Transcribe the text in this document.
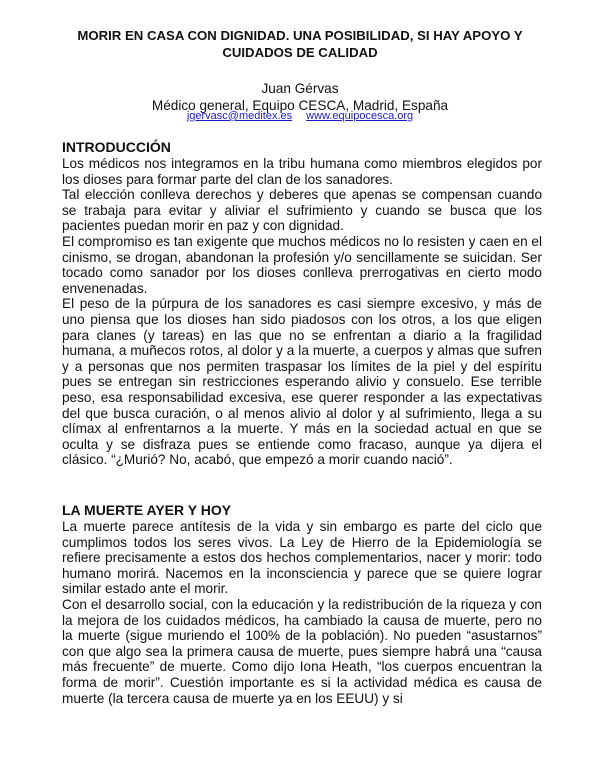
MORIR EN CASA CON DIGNIDAD. UNA POSIBILIDAD, SI HAY APOYO Y
CUIDADOS DE CALIDAD
Juan Gérvas
Médico general, Equipo CESCA, Madrid, España
jgervasc@meditex.es www.equipocesca.org
INTRODUCCIÓN

Los médicos nos integramos en la tribu humana como miembros elegidos por los dioses para formar parte del clan de los sanadores.

Tal elección conlleva derechos y deberes que apenas se compensan cuando se trabaja para evitar y aliviar el sufrimiento y cuando se busca que los pacientes puedan morir en paz y con dignidad.

El compromiso es tan exigente que muchos médicos no lo resisten y caen en el cinismo, se drogan, abandonan la profesión y/o sencillamente se suicidan. Ser tocado como sanador por los dioses conlleva prerrogativas en cierto modo envenenadas.

El peso de la púrpura de los sanadores es casi siempre excesivo, y más de uno piensa que los dioses han sido piadosos con los otros, a los que eligen para clanes (y tareas) en las que no se enfrentan a diario a la fragilidad humana, a muñecos rotos, al dolor y a la muerte, a cuerpos y almas que sufren y a personas que nos permiten traspasar los límites de la piel y del espíritu pues se entregan sin restricciones esperando alivio y consuelo. Ese terrible peso, esa responsabilidad excesiva, ese querer responder a las expectativas del que busca curación, o al menos alivio al dolor y al sufrimiento, llega a su clímax al enfrentarnos a la muerte. Y más en la sociedad actual en que se oculta y se disfraza pues se entiende como fracaso, aunque ya dijera el clásico. “¿Murió? No, acabó, que empezó a morir cuando nació”.

LA MUERTE AYER Y HOY

La muerte parece antítesis de la vida y sin embargo es parte del ciclo que cumplimos todos los seres vivos. La Ley de Hierro de la Epidemiología se refiere precisamente a estos dos hechos complementarios, nacer y morir: todo humano morirá. Nacemos en la inconsciencia y parece que se quiere lograr similar estado ante el morir.

Con el desarrollo social, con la educación y la redistribución de la riqueza y con la mejora de los cuidados médicos, ha cambiado la causa de muerte, pero no la muerte (sigue muriendo el 100% de la población). No pueden “asustarnos” con que algo sea la primera causa de muerte, pues siempre habrá una “causa más frecuente” de muerte. Como dijo Iona Heath, “los cuerpos encuentran la forma de morir”. Cuestión importante es si la actividad médica es causa de muerte (la tercera causa de muerte ya en los EEUU) y si
